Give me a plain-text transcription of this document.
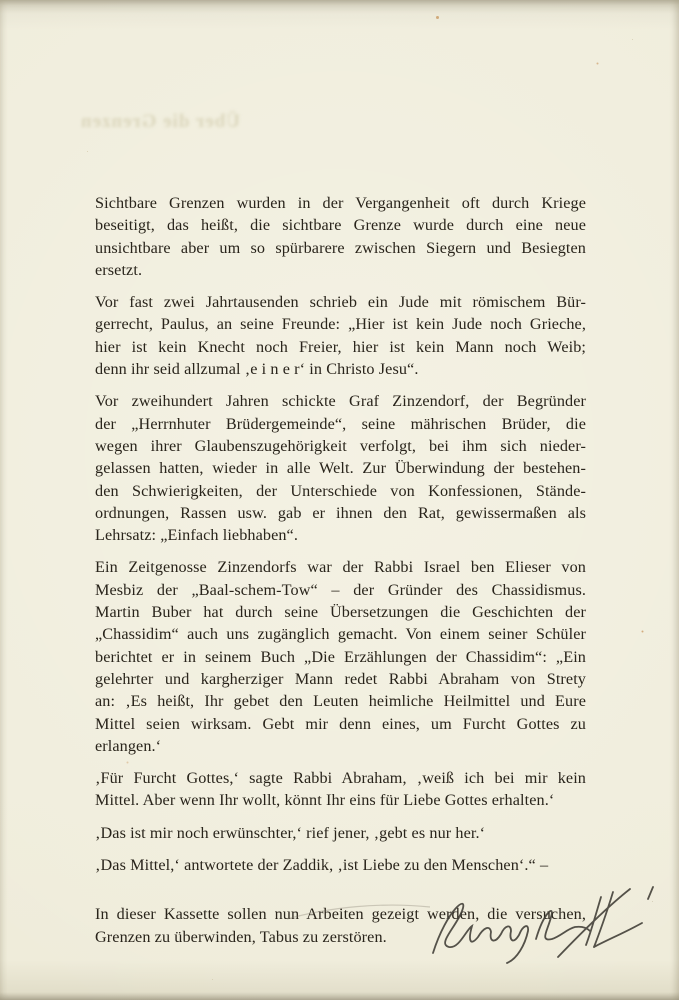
Über die Grenzen

Sichtbare Grenzen wurden in der Vergangenheit oft durch Kriege
beseitigt, das heißt, die sichtbare Grenze wurde durch eine neue
unsichtbare aber um so spürbarere zwischen Siegern und Besiegten
ersetzt.

Vor fast zwei Jahrtausenden schrieb ein Jude mit römischem Bür-
gerrecht, Paulus, an seine Freunde: „Hier ist kein Jude noch Grieche,
hier ist kein Knecht noch Freier, hier ist kein Mann noch Weib;
denn ihr seid allzumal ‚e i n e r‘ in Christo Jesu“.

Vor zweihundert Jahren schickte Graf Zinzendorf, der Begründer
der „Herrnhuter Brüdergemeinde“, seine mährischen Brüder, die
wegen ihrer Glaubenszugehörigkeit verfolgt, bei ihm sich nieder-
gelassen hatten, wieder in alle Welt. Zur Überwindung der bestehen-
den Schwierigkeiten, der Unterschiede von Konfessionen, Stände-
ordnungen, Rassen usw. gab er ihnen den Rat, gewissermaßen als
Lehrsatz: „Einfach liebhaben“.

Ein Zeitgenosse Zinzendorfs war der Rabbi Israel ben Elieser von
Mesbiz der „Baal-schem-Tow“ – der Gründer des Chassidismus.
Martin Buber hat durch seine Übersetzungen die Geschichten der
„Chassidim“ auch uns zugänglich gemacht. Von einem seiner Schüler
berichtet er in seinem Buch „Die Erzählungen der Chassidim“: „Ein
gelehrter und kargherziger Mann redet Rabbi Abraham von Strety
an: ‚Es heißt, Ihr gebet den Leuten heimliche Heilmittel und Eure
Mittel seien wirksam. Gebt mir denn eines, um Furcht Gottes zu
erlangen.‘

‚Für Furcht Gottes,‘ sagte Rabbi Abraham, ‚weiß ich bei mir kein
Mittel. Aber wenn Ihr wollt, könnt Ihr eins für Liebe Gottes erhalten.‘

‚Das ist mir noch erwünschter,‘ rief jener, ‚gebt es nur her.‘

‚Das Mittel,‘ antwortete der Zaddik, ‚ist Liebe zu den Menschen‘.“ –

In dieser Kassette sollen nun Arbeiten gezeigt werden, die versuchen,
Grenzen zu überwinden, Tabus zu zerstören.
